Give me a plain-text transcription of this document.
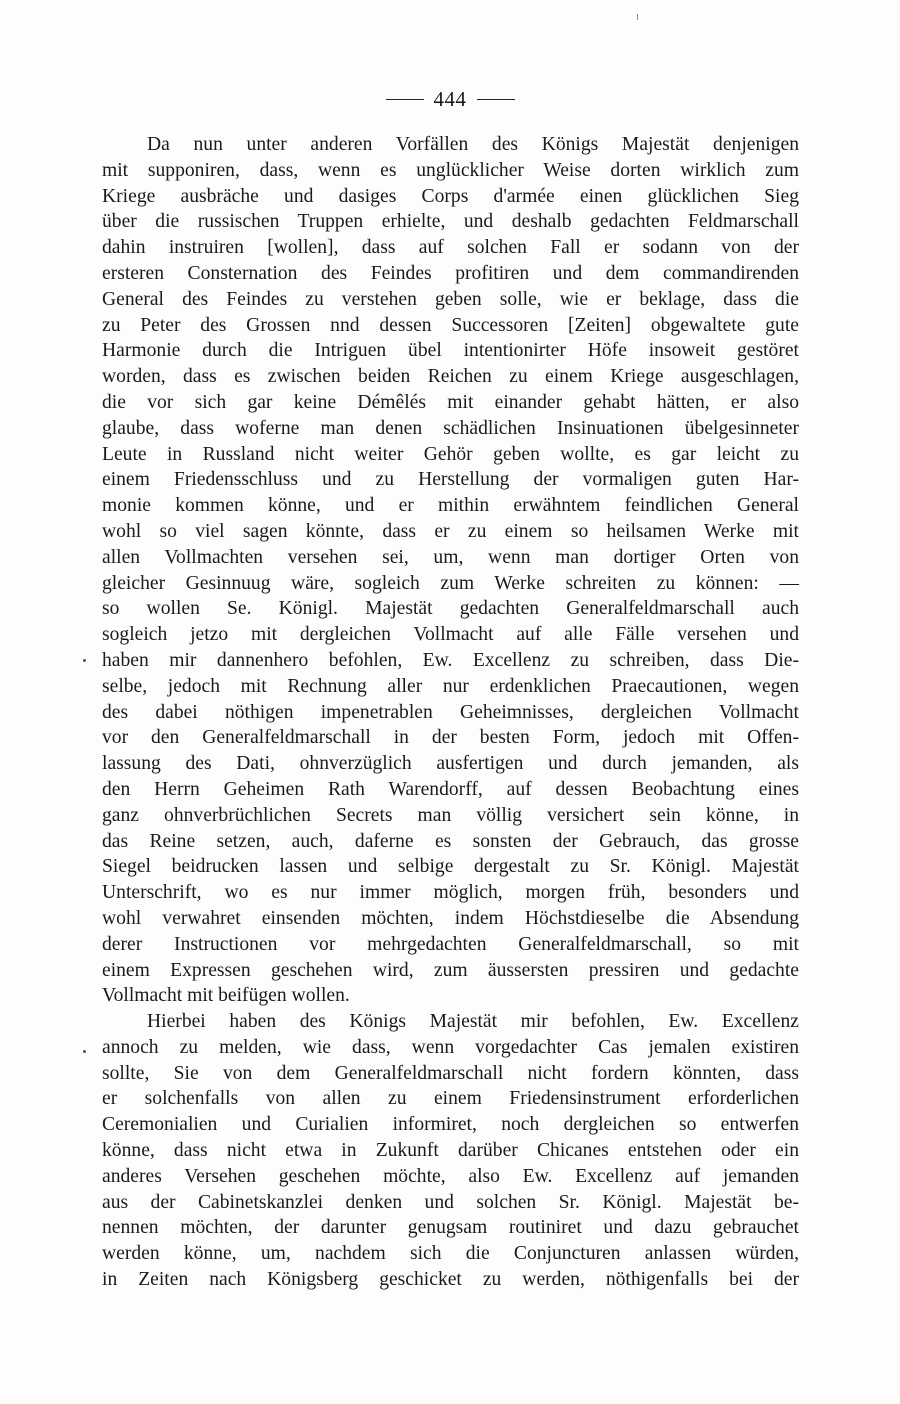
444
Da nun unter anderen Vorfällen des Königs Majestät denjenigen
mit supponiren, dass, wenn es unglücklicher Weise dorten wirklich zum
Kriege ausbräche und dasiges Corps d'armée einen glücklichen Sieg
über die russischen Truppen erhielte, und deshalb gedachten Feldmarschall
dahin instruiren [wollen], dass auf solchen Fall er sodann von der
ersteren Consternation des Feindes profitiren und dem commandirenden
General des Feindes zu verstehen geben solle, wie er beklage, dass die
zu Peter des Grossen nnd dessen Successoren [Zeiten] obgewaltete gute
Harmonie durch die Intriguen übel intentionirter Höfe insoweit gestöret
worden, dass es zwischen beiden Reichen zu einem Kriege ausgeschlagen,
die vor sich gar keine Démêlés mit einander gehabt hätten, er also
glaube, dass woferne man denen schädlichen Insinuationen übelgesinneter
Leute in Russland nicht weiter Gehör geben wollte, es gar leicht zu
einem Friedensschluss und zu Herstellung der vormaligen guten Har-
monie kommen könne, und er mithin erwähntem feindlichen General
wohl so viel sagen könnte, dass er zu einem so heilsamen Werke mit
allen Vollmachten versehen sei, um, wenn man dortiger Orten von
gleicher Gesinnuug wäre, sogleich zum Werke schreiten zu können: —
so wollen Se. Königl. Majestät gedachten Generalfeldmarschall auch
sogleich jetzo mit dergleichen Vollmacht auf alle Fälle versehen und
haben mir dannenhero befohlen, Ew. Excellenz zu schreiben, dass Die-
selbe, jedoch mit Rechnung aller nur erdenklichen Praecautionen, wegen
des dabei nöthigen impenetrablen Geheimnisses, dergleichen Vollmacht
vor den Generalfeldmarschall in der besten Form, jedoch mit Offen-
lassung des Dati, ohnverzüglich ausfertigen und durch jemanden, als
den Herrn Geheimen Rath Warendorff, auf dessen Beobachtung eines
ganz ohnverbrüchlichen Secrets man völlig versichert sein könne, in
das Reine setzen, auch, daferne es sonsten der Gebrauch, das grosse
Siegel beidrucken lassen und selbige dergestalt zu Sr. Königl. Majestät
Unterschrift, wo es nur immer möglich, morgen früh, besonders und
wohl verwahret einsenden möchten, indem Höchstdieselbe die Absendung
derer Instructionen vor mehrgedachten Generalfeldmarschall, so mit
einem Expressen geschehen wird, zum äussersten pressiren und gedachte
Vollmacht mit beifügen wollen.
Hierbei haben des Königs Majestät mir befohlen, Ew. Excellenz
annoch zu melden, wie dass, wenn vorgedachter Cas jemalen existiren
sollte, Sie von dem Generalfeldmarschall nicht fordern könnten, dass
er solchenfalls von allen zu einem Friedensinstrument erforderlichen
Ceremonialien und Curialien informiret, noch dergleichen so entwerfen
könne, dass nicht etwa in Zukunft darüber Chicanes entstehen oder ein
anderes Versehen geschehen möchte, also Ew. Excellenz auf jemanden
aus der Cabinetskanzlei denken und solchen Sr. Königl. Majestät be-
nennen möchten, der darunter genugsam routiniret und dazu gebrauchet
werden könne, um, nachdem sich die Conjuncturen anlassen würden,
in Zeiten nach Königsberg geschicket zu werden, nöthigenfalls bei der
